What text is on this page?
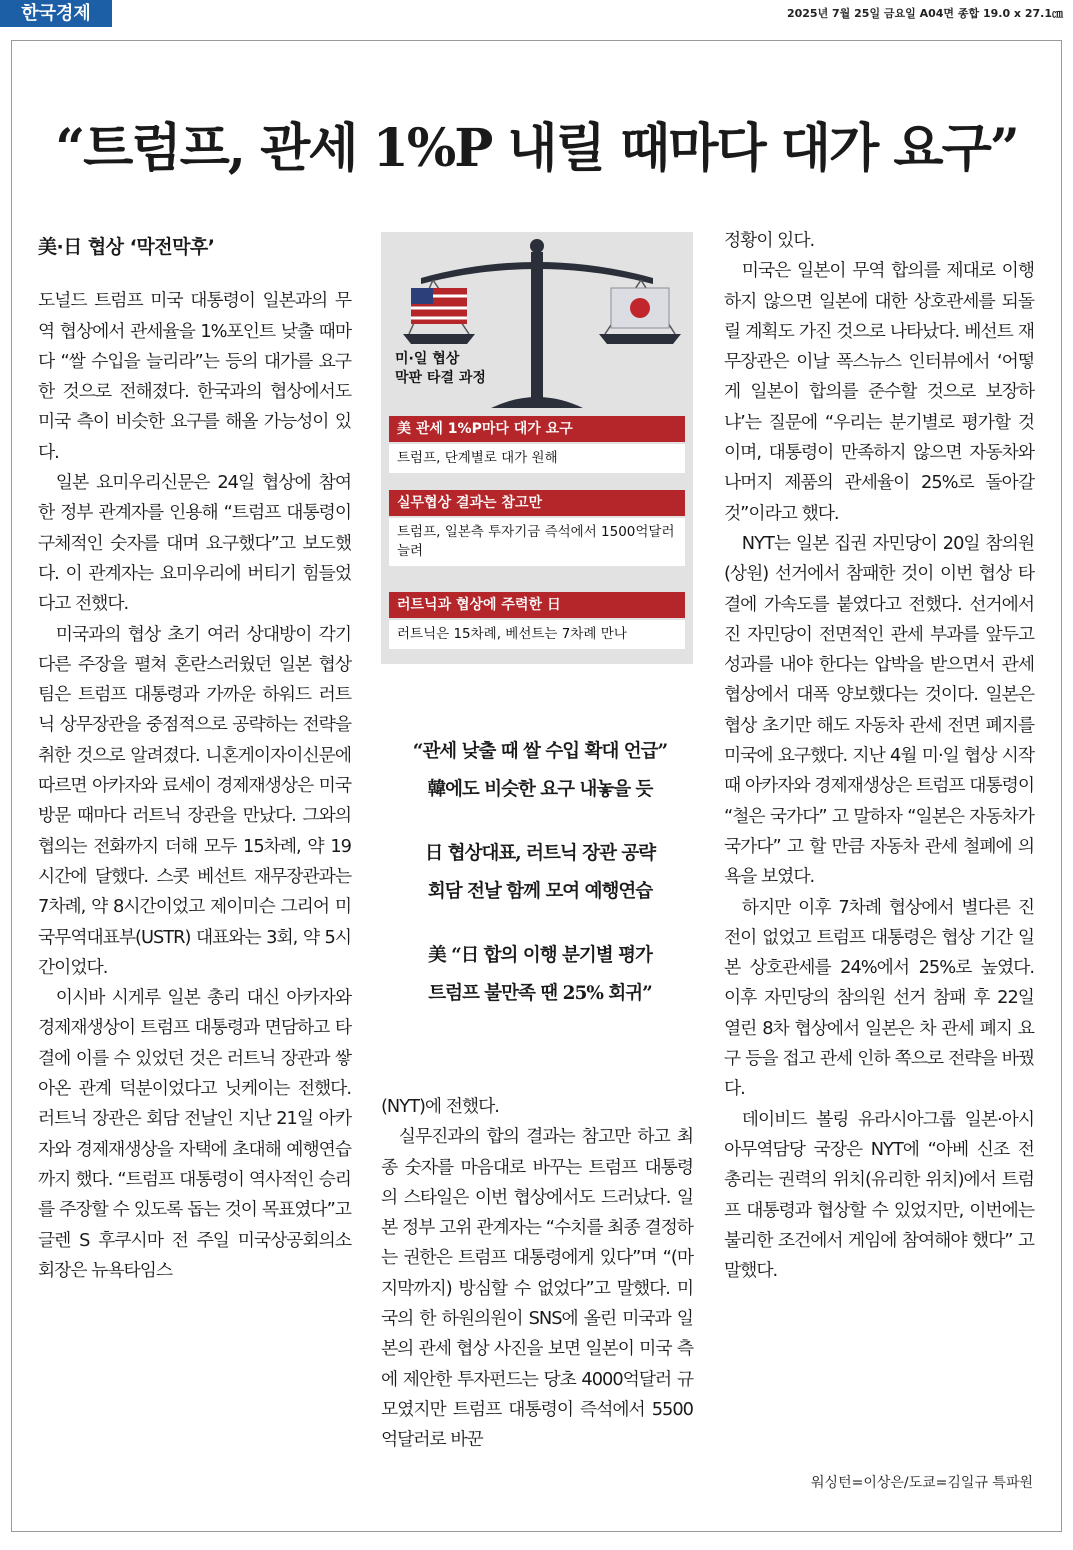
한국경제	2025년 7월 25일 금요일 A04면 종합 19.0 x 27.1㎝
“트럼프, 관세 1%P 내릴 때마다 대가 요구”
美·日 협상 ‘막전막후’

도널드 트럼프 미국 대통령이 일본과의 무역 협상에서 관세율을 1%포인트 낮출 때마다 “쌀 수입을 늘리라”는 등의 대가를 요구한 것으로 전해졌다. 한국과의 협상에서도 미국 측이 비슷한 요구를 해올 가능성이 있다.

일본 요미우리신문은 24일 협상에 참여한 정부 관계자를 인용해 “트럼프 대통령이 구체적인 숫자를 대며 요구했다”고 보도했다. 이 관계자는 요미우리에 버티기 힘들었다고 전했다.

미국과의 협상 초기 여러 상대방이 각기 다른 주장을 펼쳐 혼란스러웠던 일본 협상팀은 트럼프 대통령과 가까운 하워드 러트닉 상무장관을 중점적으로 공략하는 전략을 취한 것으로 알려졌다. 니혼게이자이신문에 따르면 아카자와 료세이 경제재생상은 미국 방문 때마다 러트닉 장관을 만났다. 그와의 협의는 전화까지 더해 모두 15차례, 약 19시간에 달했다. 스콧 베선트 재무장관과는 7차례, 약 8시간이었고 제이미슨 그리어 미국무역대표부(USTR) 대표와는 3회, 약 5시간이었다.

이시바 시게루 일본 총리 대신 아카자와 경제재생상이 트럼프 대통령과 면담하고 타결에 이를 수 있었던 것은 러트닉 장관과 쌓아온 관계 덕분이었다고 닛케이는 전했다. 러트닉 장관은 회담 전날인 지난 21일 아카자와 경제재생상을 자택에 초대해 예행연습까지 했다. “트럼프 대통령이 역사적인 승리를 주장할 수 있도록 돕는 것이 목표였다”고 글렌 S 후쿠시마 전 주일 미국상공회의소 회장은 뉴욕타임스

미·일 협상
막판 타결 과정
美 관세 1%P마다 대가 요구
트럼프, 단계별로 대가 원해
실무협상 결과는 참고만
트럼프, 일본측 투자기금 즉석에서 1500억달러 늘려
러트닉과 협상에 주력한 日
러트닉은 15차례, 베선트는 7차례 만나
“관세 낮출 때 쌀 수입 확대 언급”
韓에도 비슷한 요구 내놓을 듯
日 협상대표, 러트닉 장관 공략
회담 전날 함께 모여 예행연습
美 “日 합의 이행 분기별 평가
트럼프 불만족 땐 25% 회귀”

(NYT)에 전했다.

실무진과의 합의 결과는 참고만 하고 최종 숫자를 마음대로 바꾸는 트럼프 대통령의 스타일은 이번 협상에서도 드러났다. 일본 정부 고위 관계자는 “수치를 최종 결정하는 권한은 트럼프 대통령에게 있다”며 “(마지막까지) 방심할 수 없었다”고 말했다. 미국의 한 하원의원이 SNS에 올린 미국과 일본의 관세 협상 사진을 보면 일본이 미국 측에 제안한 투자펀드는 당초 4000억달러 규모였지만 트럼프 대통령이 즉석에서 5500억달러로 바꾼

정황이 있다.

미국은 일본이 무역 합의를 제대로 이행하지 않으면 일본에 대한 상호관세를 되돌릴 계획도 가진 것으로 나타났다. 베선트 재무장관은 이날 폭스뉴스 인터뷰에서 ‘어떻게 일본이 합의를 준수할 것으로 보장하냐’는 질문에 “우리는 분기별로 평가할 것이며, 대통령이 만족하지 않으면 자동차와 나머지 제품의 관세율이 25%로 돌아갈 것”이라고 했다.

NYT는 일본 집권 자민당이 20일 참의원(상원) 선거에서 참패한 것이 이번 협상 타결에 가속도를 붙였다고 전했다. 선거에서 진 자민당이 전면적인 관세 부과를 앞두고 성과를 내야 한다는 압박을 받으면서 관세 협상에서 대폭 양보했다는 것이다. 일본은 협상 초기만 해도 자동차 관세 전면 폐지를 미국에 요구했다. 지난 4월 미·일 협상 시작 때 아카자와 경제재생상은 트럼프 대통령이 “철은 국가다” 고 말하자 “일본은 자동차가 국가다” 고 할 만큼 자동차 관세 철폐에 의욕을 보였다.

하지만 이후 7차례 협상에서 별다른 진전이 없었고 트럼프 대통령은 협상 기간 일본 상호관세를 24%에서 25%로 높였다. 이후 자민당의 참의원 선거 참패 후 22일 열린 8차 협상에서 일본은 차 관세 폐지 요구 등을 접고 관세 인하 쪽으로 전략을 바꿨다.

데이비드 볼링 유라시아그룹 일본·아시아무역담당 국장은 NYT에 “아베 신조 전 총리는 권력의 위치(유리한 위치)에서 트럼프 대통령과 협상할 수 있었지만, 이번에는 불리한 조건에서 게임에 참여해야 했다” 고 말했다.

워싱턴=이상은/도쿄=김일규 특파원
